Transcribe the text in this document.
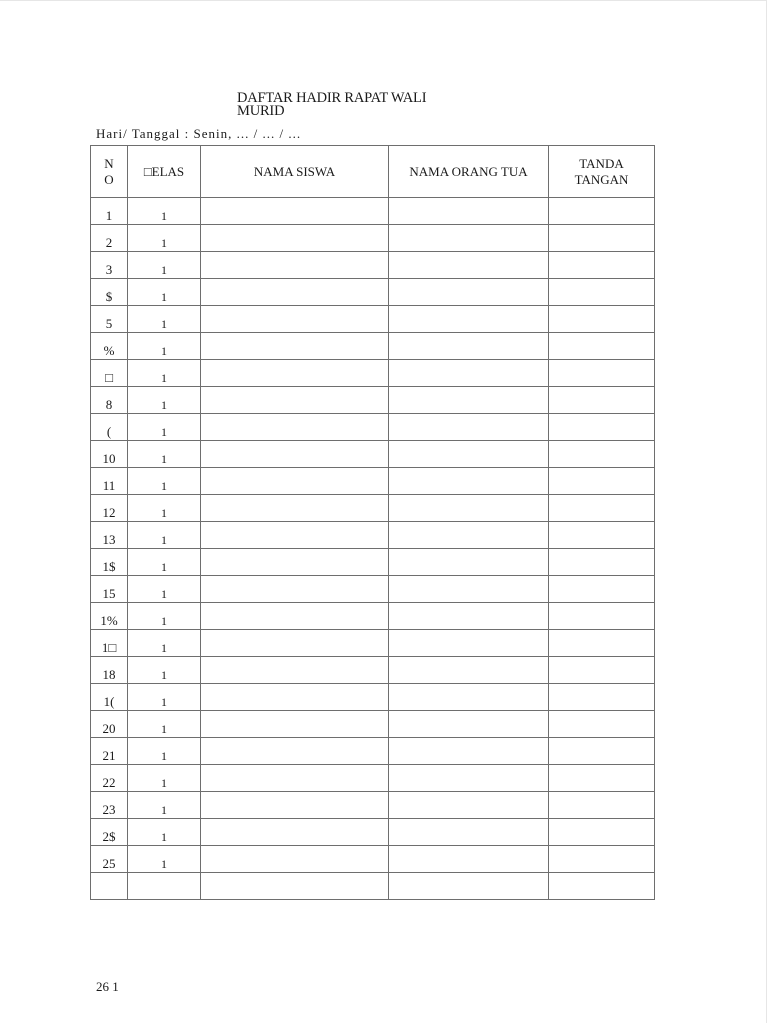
DAFTAR HADIR RAPAT WALI
MURID
Hari/ Tanggal : Senin, ... / ... / ...
N O	□ELAS	NAMA SISWA	NAMA ORANG TUA	TANDA TANGAN
1	1			
2	1			
3	1			
$	1			
5	1			
%	1			
□	1			
8	1			
(	1			
10	1			
11	1			
12	1			
13	1			
1$	1			
15	1			
1%	1			
1□	1			
18	1			
1(	1			
20	1			
21	1			
22	1			
23	1			
2$	1			
25	1			

26 1
